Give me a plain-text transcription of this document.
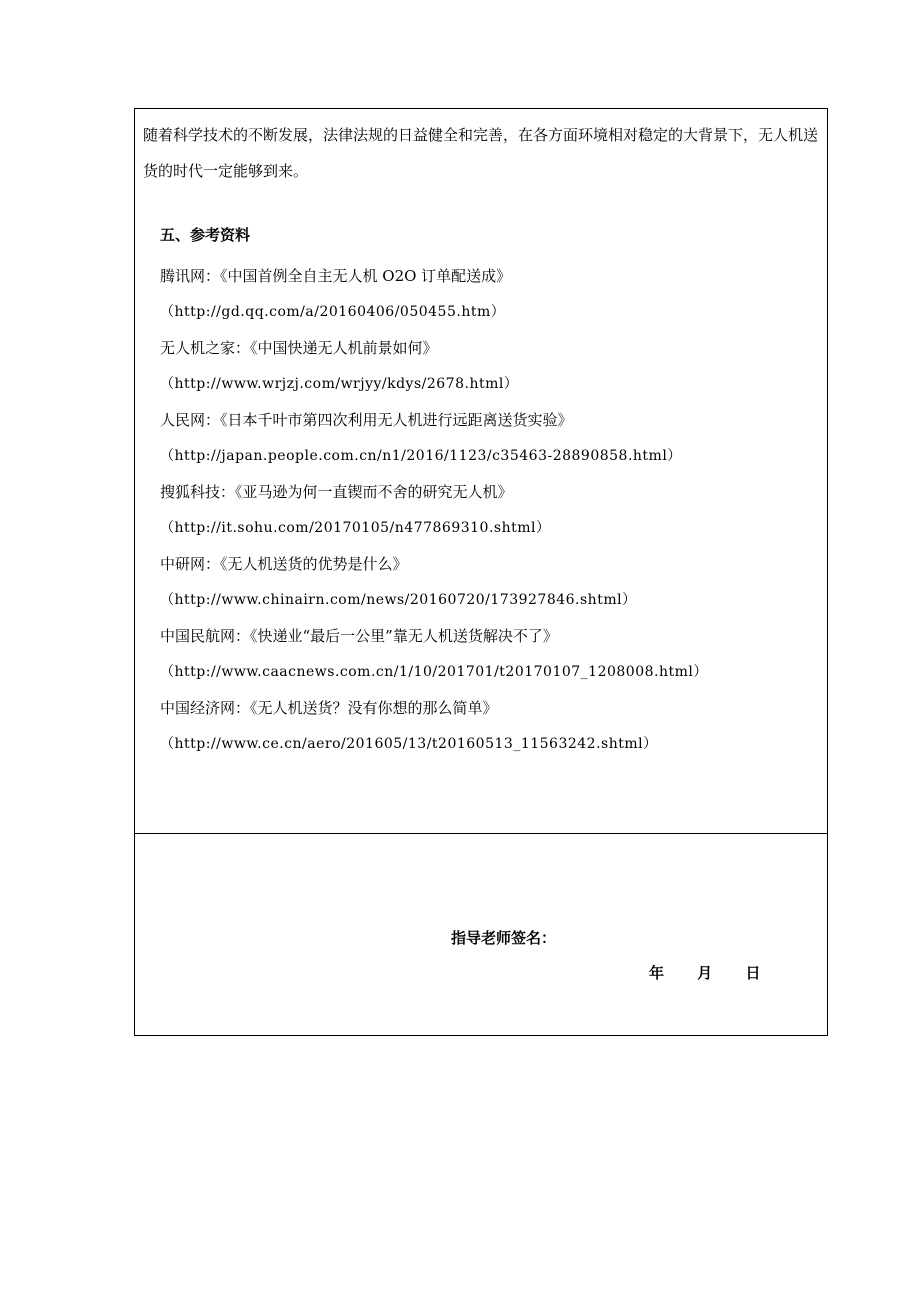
随着科学技术的不断发展，法律法规的日益健全和完善，在各方面环境相对稳定的大背景下，无人机送货的时代一定能够到来。

五、参考资料
腾讯网：《中国首例全自主无人机 O2O 订单配送成》
（http://gd.qq.com/a/20160406/050455.htm）
无人机之家：《中国快递无人机前景如何》
（http://www.wrjzj.com/wrjyy/kdys/2678.html）
人民网：《日本千叶市第四次利用无人机进行远距离送货实验》
（http://japan.people.com.cn/n1/2016/1123/c35463-28890858.html）
搜狐科技：《亚马逊为何一直锲而不舍的研究无人机》
（http://it.sohu.com/20170105/n477869310.shtml）
中研网：《无人机送货的优势是什么》
（http://www.chinairn.com/news/20160720/173927846.shtml）
中国民航网：《快递业“最后一公里”靠无人机送货解决不了》
（http://www.caacnews.com.cn/1/10/201701/t20170107_1208008.html）
中国经济网：《无人机送货？没有你想的那么简单》
（http://www.ce.cn/aero/201605/13/t20160513_11563242.shtml）
指导老师签名：
年 月 日
